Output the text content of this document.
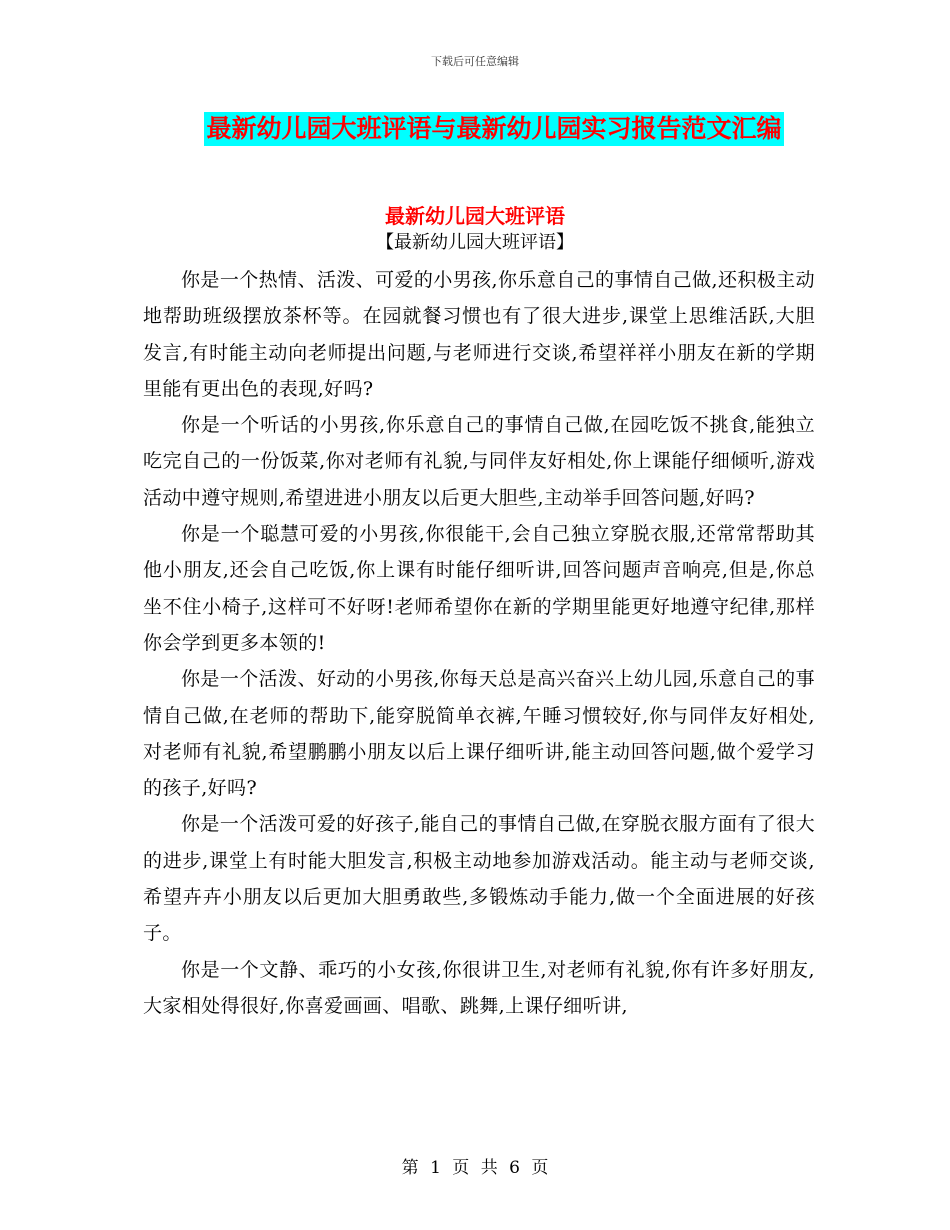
下载后可任意编辑
最新幼儿园大班评语与最新幼儿园实习报告范文汇编
最新幼儿园大班评语
【最新幼儿园大班评语】

你是一个热情、活泼、可爱的小男孩,你乐意自己的事情自己做,还积极主动地帮助班级摆放茶杯等。在园就餐习惯也有了很大进步,课堂上思维活跃,大胆发言,有时能主动向老师提出问题,与老师进行交谈,希望祥祥小朋友在新的学期里能有更出色的表现,好吗?

你是一个听话的小男孩,你乐意自己的事情自己做,在园吃饭不挑食,能独立吃完自己的一份饭菜,你对老师有礼貌,与同伴友好相处,你上课能仔细倾听,游戏活动中遵守规则,希望进进小朋友以后更大胆些,主动举手回答问题,好吗?

你是一个聪慧可爱的小男孩,你很能干,会自己独立穿脱衣服,还常常帮助其他小朋友,还会自己吃饭,你上课有时能仔细听讲,回答问题声音响亮,但是,你总坐不住小椅子,这样可不好呀!老师希望你在新的学期里能更好地遵守纪律,那样你会学到更多本领的!

你是一个活泼、好动的小男孩,你每天总是高兴奋兴上幼儿园,乐意自己的事情自己做,在老师的帮助下,能穿脱简单衣裤,午睡习惯较好,你与同伴友好相处,对老师有礼貌,希望鹏鹏小朋友以后上课仔细听讲,能主动回答问题,做个爱学习的孩子,好吗?

你是一个活泼可爱的好孩子,能自己的事情自己做,在穿脱衣服方面有了很大的进步,课堂上有时能大胆发言,积极主动地参加游戏活动。能主动与老师交谈,希望卉卉小朋友以后更加大胆勇敢些,多锻炼动手能力,做一个全面进展的好孩子。

你是一个文静、乖巧的小女孩,你很讲卫生,对老师有礼貌,你有许多好朋友,大家相处得很好,你喜爱画画、唱歌、跳舞,上课仔细听讲,

第 1 页 共 6 页
